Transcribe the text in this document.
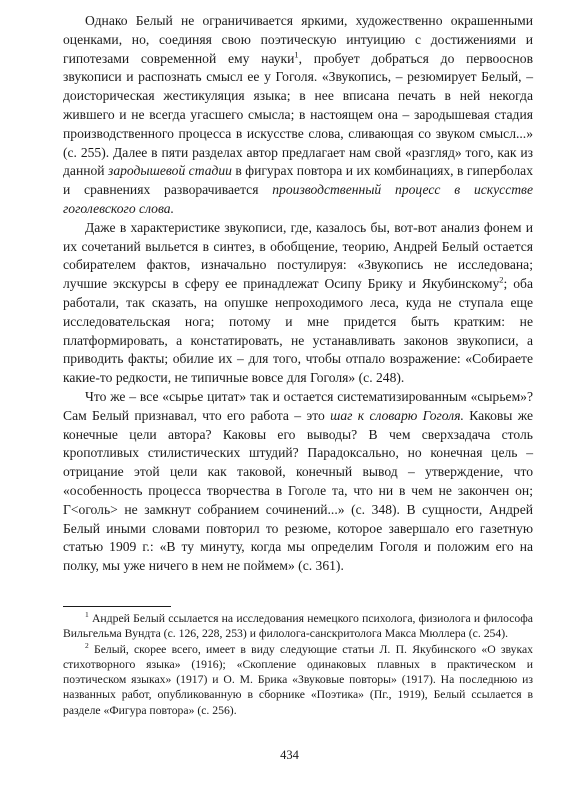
Однако Белый не ограничивается яркими, художественно окрашенными оценками, но, соединяя свою поэтическую интуицию с достижениями и гипотезами современной ему науки$^1$, пробует добраться до первооснов звукописи и распознать смысл ее у Гоголя. «Звукопись, – резюмирует Белый, – доисторическая жестикуляция языка; в нее вписана печать в ней некогда жившего и не всегда угасшего смысла; в настоящем она – зародышевая стадия производственного процесса в искусстве слова, сливающая со звуком смысл...» (с. 255). Далее в пяти разделах автор предлагает нам свой «разгляд» того, как из данной зародышевой стадии в фигурах повтора и их комбинациях, в гиперболах и сравнениях разворачивается производственный процесс в искусстве гоголевского слова.

Даже в характеристике звукописи, где, казалось бы, вот-вот анализ фонем и их сочетаний выльется в синтез, в обобщение, теорию, Андрей Белый остается собирателем фактов, изначально постулируя: «Звукопись не исследована; лучшие экскурсы в сферу ее принадлежат Осипу Брику и Якубинскому$^2$; оба работали, так сказать, на опушке непроходимого леса, куда не ступала еще исследовательская нога; потому и мне придется быть кратким: не платформировать, а констатировать, не устанавливать законов звукописи, а приводить факты; обилие их – для того, чтобы отпало возражение: «Собираете какие-то редкости, не типичные вовсе для Гоголя» (с. 248).

Что же – все «сырье цитат» так и остается систематизированным «сырьем»? Сам Белый признавал, что его работа – это шаг к словарю Гоголя. Каковы же конечные цели автора? Каковы его выводы? В чем сверхзадача столь кропотливых стилистических штудий? Парадоксально, но конечная цель – отрицание этой цели как таковой, конечный вывод – утверждение, что «особенность процесса творчества в Гоголе та, что ни в чем не закончен он; Г<оголь> не замкнут собранием сочинений...» (с. 348). В сущности, Андрей Белый иными словами повторил то резюме, которое завершало его газетную статью 1909 г.: «В ту минуту, когда мы определим Гоголя и положим его на полку, мы уже ничего в нем не поймем» (с. 361).

$^1$ Андрей Белый ссылается на исследования немецкого психолога, физиолога и философа Вильгельма Вундта (с. 126, 228, 253) и филолога-санскритолога Макса Мюллера (с. 254).

$^2$ Белый, скорее всего, имеет в виду следующие статьи Л. П. Якубинского «О звуках стихотворного языка» (1916); «Скопление одинаковых плавных в практическом и поэтическом языках» (1917) и О. М. Брика «Звуковые повторы» (1917). На последнюю из названных работ, опубликованную в сборнике «Поэтика» (Пг., 1919), Белый ссылается в разделе «Фигура повтора» (с. 256).

434
